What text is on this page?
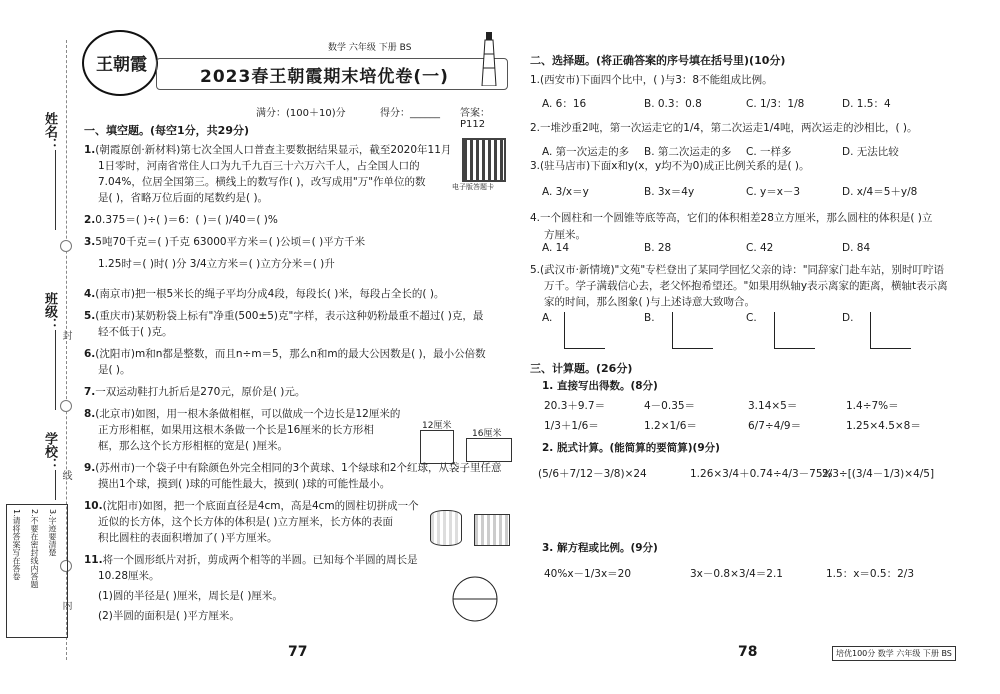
姓名：
班级：
学校：
封
线
内
1.请将答案写在答卷 2.不要在密封线内答题 3.字迹要清楚
王朝霞
数学 六年级 下册 BS
2023春王朝霞期末培优卷(一)
满分：(100＋10)分	得分：______ 答案：P112
电子版答题卡
一、填空题。(每空1分，共29分)
1.(朝霞原创·新材料)第七次全国人口普查主要数据结果显示，截至2020年11月
1日零时，河南省常住人口为九千九百三十六万六千人，占全国人口的
7.04%，位居全国第三。横线上的数写作( )，改写成用"万"作单位的数
是( )，省略万位后面的尾数约是( )。
2.0.375＝( )÷( )＝6：( )＝( )/40＝( )%
3.5吨70千克＝( )千克 63000平方米＝( )公顷＝( )平方千米
1.25时＝( )时( )分 3/4立方米＝( )立方分米＝( )升
4.(南京市)把一根5米长的绳子平均分成4段，每段长( )米，每段占全长的( )。
5.(重庆市)某奶粉袋上标有"净重(500±5)克"字样，表示这种奶粉最重不超过( )克，最
轻不低于( )克。
6.(沈阳市)m和n都是整数，而且n÷m＝5，那么n和m的最大公因数是( )，最小公倍数
是( )。
7.一双运动鞋打九折后是270元，原价是( )元。
8.(北京市)如图，用一根木条做相框，可以做成一个边长是12厘米的
正方形相框，如果用这根木条做一个长是16厘米的长方形相
框，那么这个长方形相框的宽是( )厘米。
9.(苏州市)一个袋子中有除颜色外完全相同的3个黄球、1个绿球和2个红球，从袋子里任意
摸出1个球，摸到( )球的可能性最大，摸到( )球的可能性最小。
10.(沈阳市)如图，把一个底面直径是4cm，高是4cm的圆柱切拼成一个
近似的长方体，这个长方体的体积是( )立方厘米，长方体的表面
积比圆柱的表面积增加了( )平方厘米。
11.将一个圆形纸片对折，剪成两个相等的半圆。已知每个半圆的周长是
10.28厘米。
(1)圆的半径是( )厘米，周长是( )厘米。
(2)半圆的面积是( )平方厘米。
12厘米
16厘米
77
二、选择题。(将正确答案的序号填在括号里)(10分)
1.(西安市)下面四个比中，( )与3：8不能组成比例。
A. 6：16	B. 0.3：0.8	C. 1/3：1/8	D. 1.5：4
2.一堆沙重2吨，第一次运走它的1/4，第二次运走1/4吨，两次运走的沙相比，( )。
A. 第一次运走的多 B. 第二次运走的多 C. 一样多	D. 无法比较
3.(驻马店市)下面x和y(x，y均不为0)成正比例关系的是( )。
A. 3/x＝y	B. 3x＝4y	C. y＝x－3	D. x/4＝5＋y/8
4.一个圆柱和一个圆锥等底等高，它们的体积相差28立方厘米，那么圆柱的体积是( )立
A. 14	B. 28	C. 42	D. 84
5.(武汉市·新情境)"文苑"专栏登出了某同学回忆父亲的诗："同辞家门赴车站，别时叮咛语
A.	B.	C.	D.
方厘米。
万千。学子满载信心去，老父怀抱希望还。"如果用纵轴y表示离家的距离，横轴t表示离
家的时间，那么图象( )与上述诗意大致吻合。
三、计算题。(26分)
1. 直接写出得数。(8分)
20.3＋9.7＝	4－0.35＝	3.14×5＝	1.4÷7%＝
1/3＋1/6＝	1.2×1/6＝	6/7÷4/9＝	1.25×4.5×8＝
(5/6＋7/12－3/8)×24	1.26×3/4＋0.74÷4/3－75%
2/3÷[(3/4－1/3)×4/5]
40%x－1/3x＝20	3x－0.8×3/4＝2.1	1.5：x＝0.5：2/3
2. 脱式计算。(能简算的要简算)(9分)
3. 解方程或比例。(9分)
78	培优100分 数学 六年级 下册 BS
